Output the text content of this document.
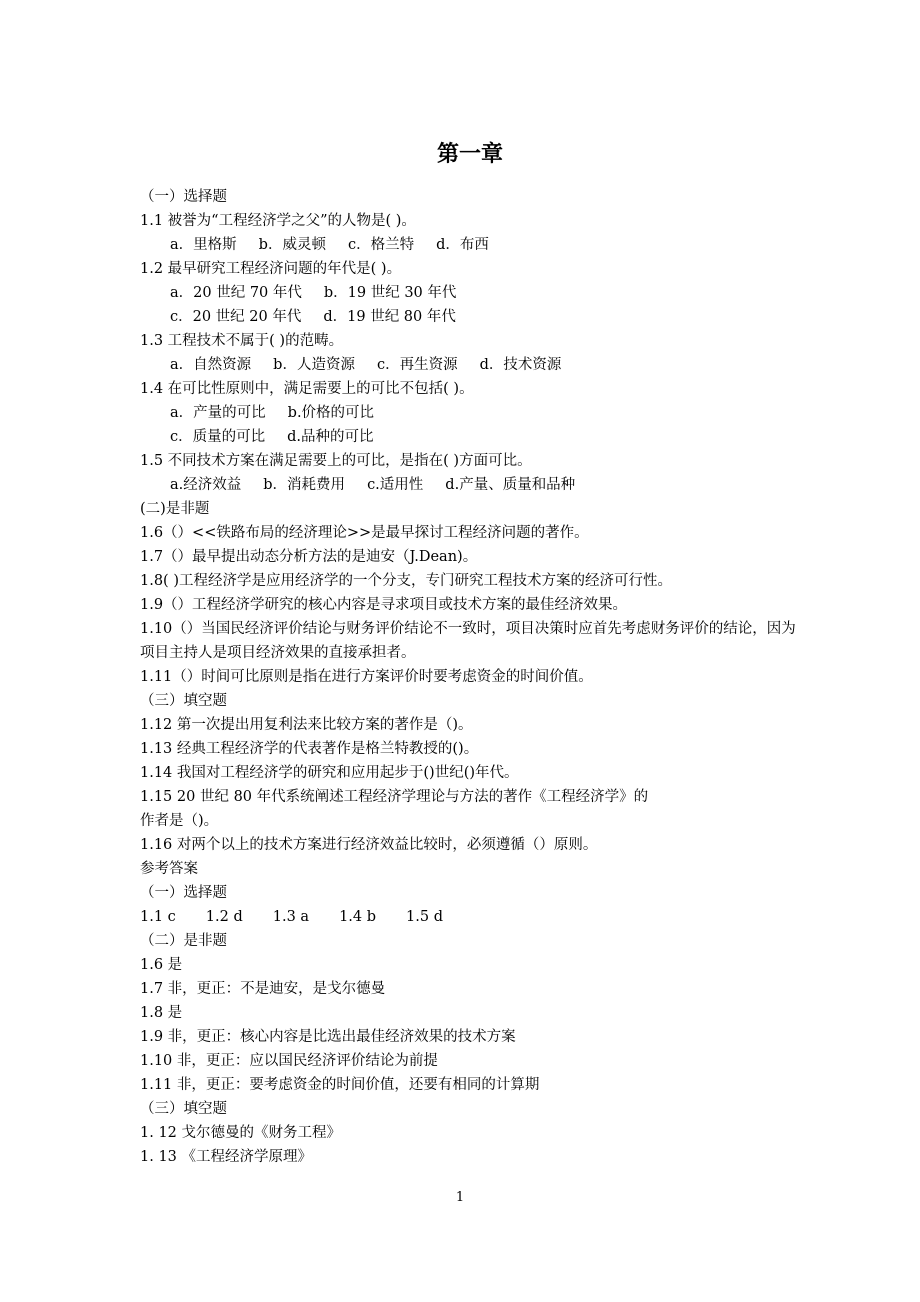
第一章
（一）选择题
1.1 被誉为“工程经济学之父”的人物是( )。
a．里格斯 b．威灵顿 c．格兰特 d．布西
1.2 最早研究工程经济问题的年代是( )。
a．20 世纪 70 年代 b．19 世纪 30 年代
c．20 世纪 20 年代 d．19 世纪 80 年代
1.3 工程技术不属于( )的范畴。
a．自然资源 b．人造资源 c．再生资源 d．技术资源
1.4 在可比性原则中，满足需要上的可比不包括( )。
a．产量的可比 b.价格的可比
c．质量的可比 d.品种的可比
1.5 不同技术方案在满足需要上的可比，是指在( )方面可比。
a.经济效益 b．消耗费用 c.适用性 d.产量、质量和品种
(二)是非题
1.6（）<<铁路布局的经济理论>>是最早探讨工程经济问题的著作。
1.7（）最早提出动态分析方法的是迪安（J.Dean)。
1.8( )工程经济学是应用经济学的一个分支，专门研究工程技术方案的经济可行性。
1.9（）工程经济学研究的核心内容是寻求项目或技术方案的最佳经济效果。
1.10（）当国民经济评价结论与财务评价结论不一致时，项目决策时应首先考虑财务评价的结论，因为项目主持人是项目经济效果的直接承担者。
1.11（）时间可比原则是指在进行方案评价时要考虑资金的时间价值。
（三）填空题
1.12 第一次提出用复利法来比较方案的著作是（)。
1.13 经典工程经济学的代表著作是格兰特教授的()。
1.14 我国对工程经济学的研究和应用起步于()世纪()年代。
1.15 20 世纪 80 年代系统阐述工程经济学理论与方法的著作《工程经济学》的
作者是（)。
1.16 对两个以上的技术方案进行经济效益比较时，必须遵循（）原则。
参考答案
（一）选择题
1.1 c 1.2 d 1.3 a 1.4 b 1.5 d
（二）是非题
1.6 是
1.7 非，更正：不是迪安，是戈尔德曼
1.8 是
1.9 非，更正：核心内容是比选出最佳经济效果的技术方案
1.10 非，更正：应以国民经济评价结论为前提
1.11 非，更正：要考虑资金的时间价值，还要有相同的计算期
（三）填空题
1. 12 戈尔德曼的《财务工程》
1. 13 《工程经济学原理》
1
